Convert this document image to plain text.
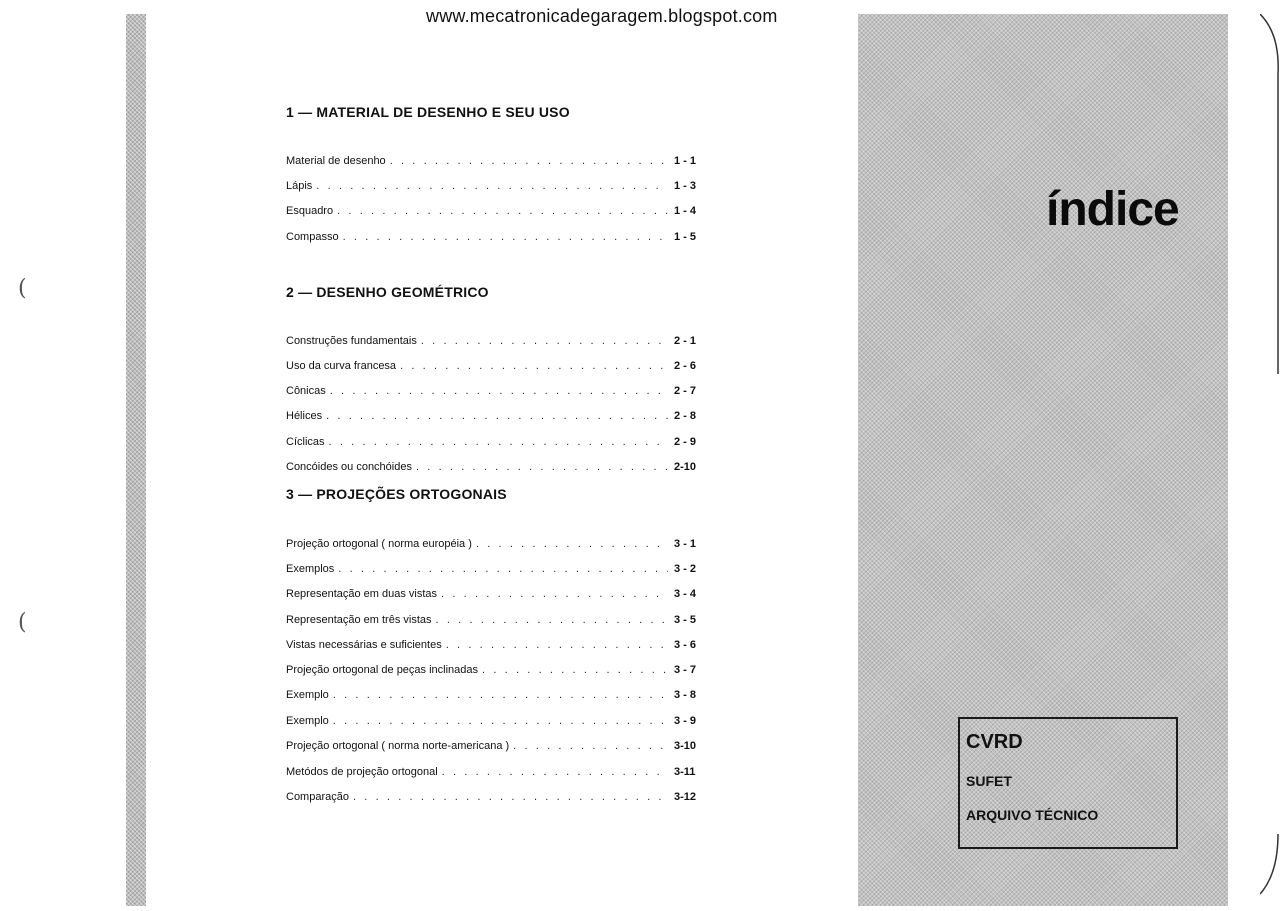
(
(
www.mecatronicadegaragem.blogspot.com
1 — MATERIAL DE DESENHO E SEU USO
Material de desenho . . .	1 - 1
Lápis . . .	1 - 3
Esquadro . . .	1 - 4
Compasso . . .	1 - 5
2 — DESENHO GEOMÉTRICO
Construções fundamentais . . .	2 - 1
Uso da curva francesa . . .	2 - 6
Cônicas . . .	2 - 7
Hélices . . .	2 - 8
Cíclicas . . .	2 - 9
Concóides ou conchóides . . .	2-10
3 — PROJEÇÕES ORTOGONAIS
Projeção ortogonal ( norma européia ) . . .	3 - 1
Exemplos . . .	3 - 2
Representação em duas vistas . . .	3 - 4
Representação em três vistas . . .	3 - 5
Vistas necessárias e suficientes . . .	3 - 6
Projeção ortogonal de peças inclinadas . . .	3 - 7
Exemplo . . .	3 - 8
Exemplo . . .	3 - 9
Projeção ortogonal ( norma norte-americana ) . . .	3-10
Metódos de projeção ortogonal . . .	3-11
Comparação . . .	3-12
índice
CVRD
SUFET
ARQUIVO TÉCNICO
